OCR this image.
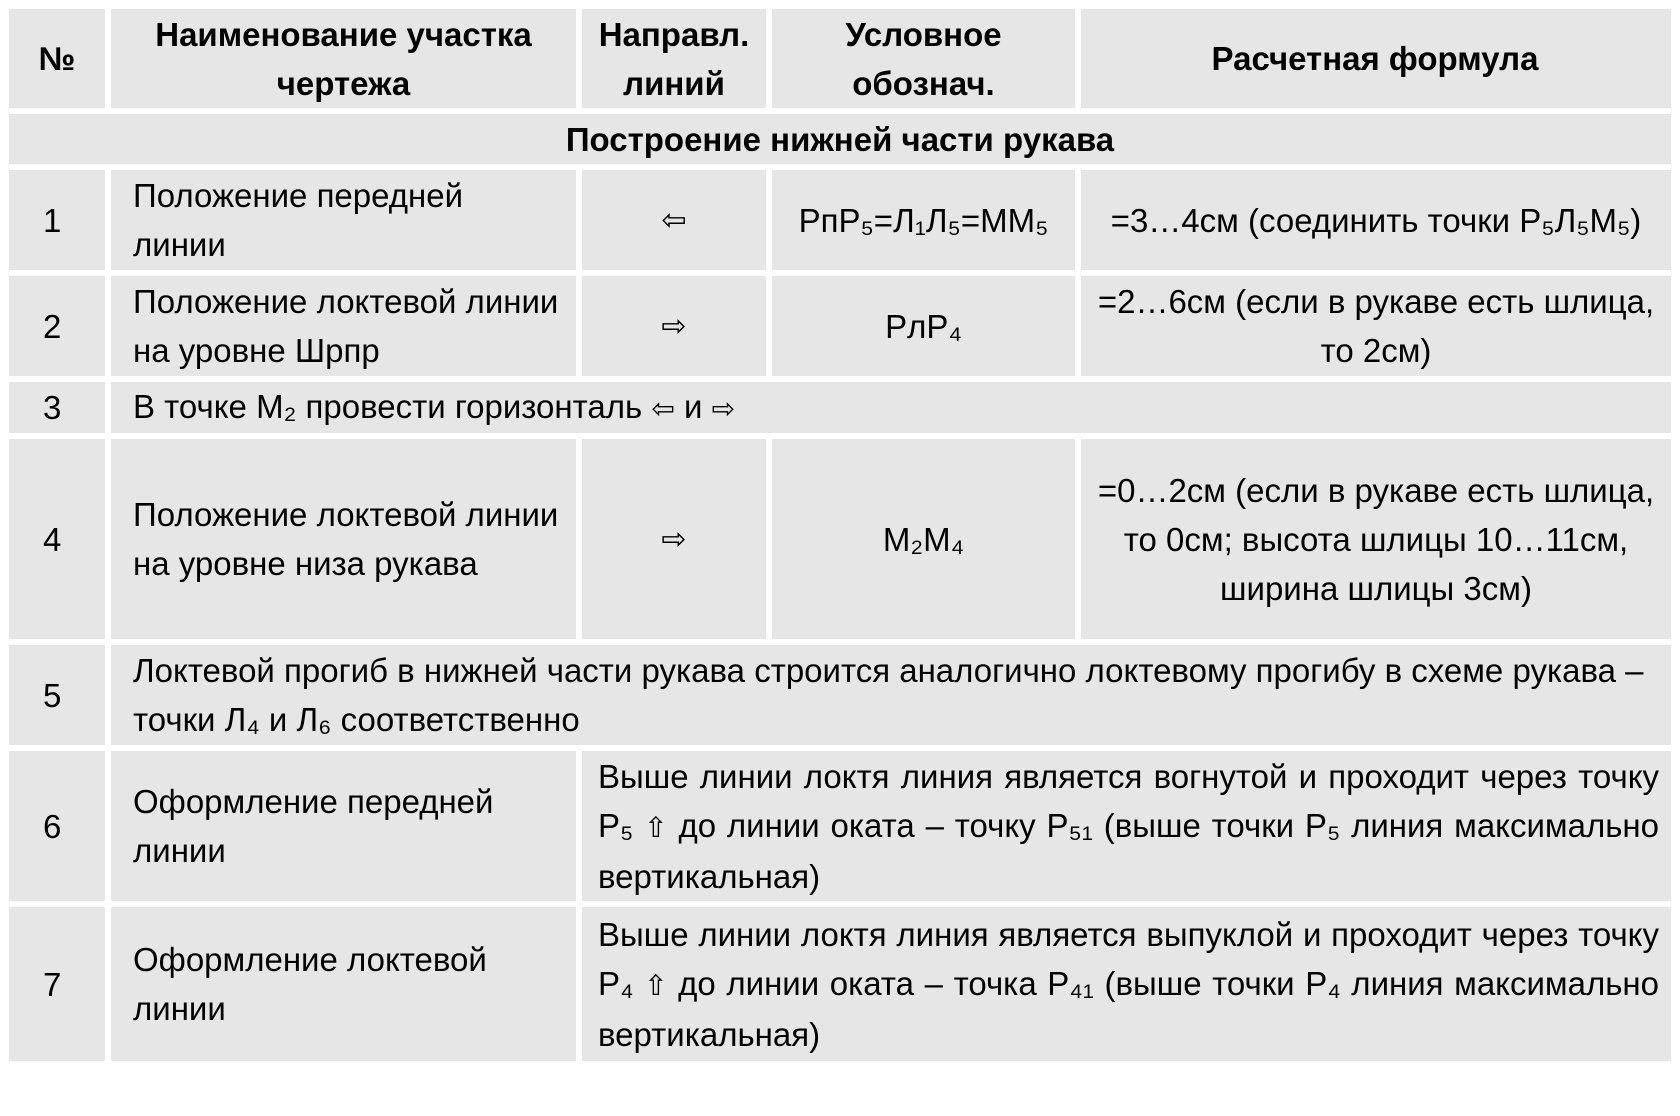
№	Наименование участка чертежа	Направл. линий	Условное обознач.	Расчетная формула
Построение нижней части рукава				
1	Положение передней линии	⇦	РпР₅=Л₁Л₅=ММ₅	=3…4см (соединить точки Р₅Л₅М₅)
2	Положение локтевой линии на уровне Шрпр	⇨	РлР₄	=2…6см (если в рукаве есть шлица, то 2см)
3	В точке М₂ провести горизонталь ⇦ и ⇨			
4	Положение локтевой линии на уровне низа рукава	⇨	М₂М₄	=0…2см (если в рукаве есть шлица, то 0см; высота шлицы 10…11см, ширина шлицы 3см)
5	Локтевой прогиб в нижней части рукава строится аналогично локтевому прогибу в схеме рукава – точки Л₄ и Л₆ соответственно			
6	Оформление передней линии	Выше линии локтя линия является вогнутой и проходит через точку Р₅ ⇧ до линии оката – точку Р₅₁ (выше точки Р₅ линия максимально вертикальная)		
7	Оформление локтевой линии	Выше линии локтя линия является выпуклой и проходит через точку Р₄ ⇧ до линии оката – точка Р₄₁ (выше точки Р₄ линия максимально вертикальная)		
